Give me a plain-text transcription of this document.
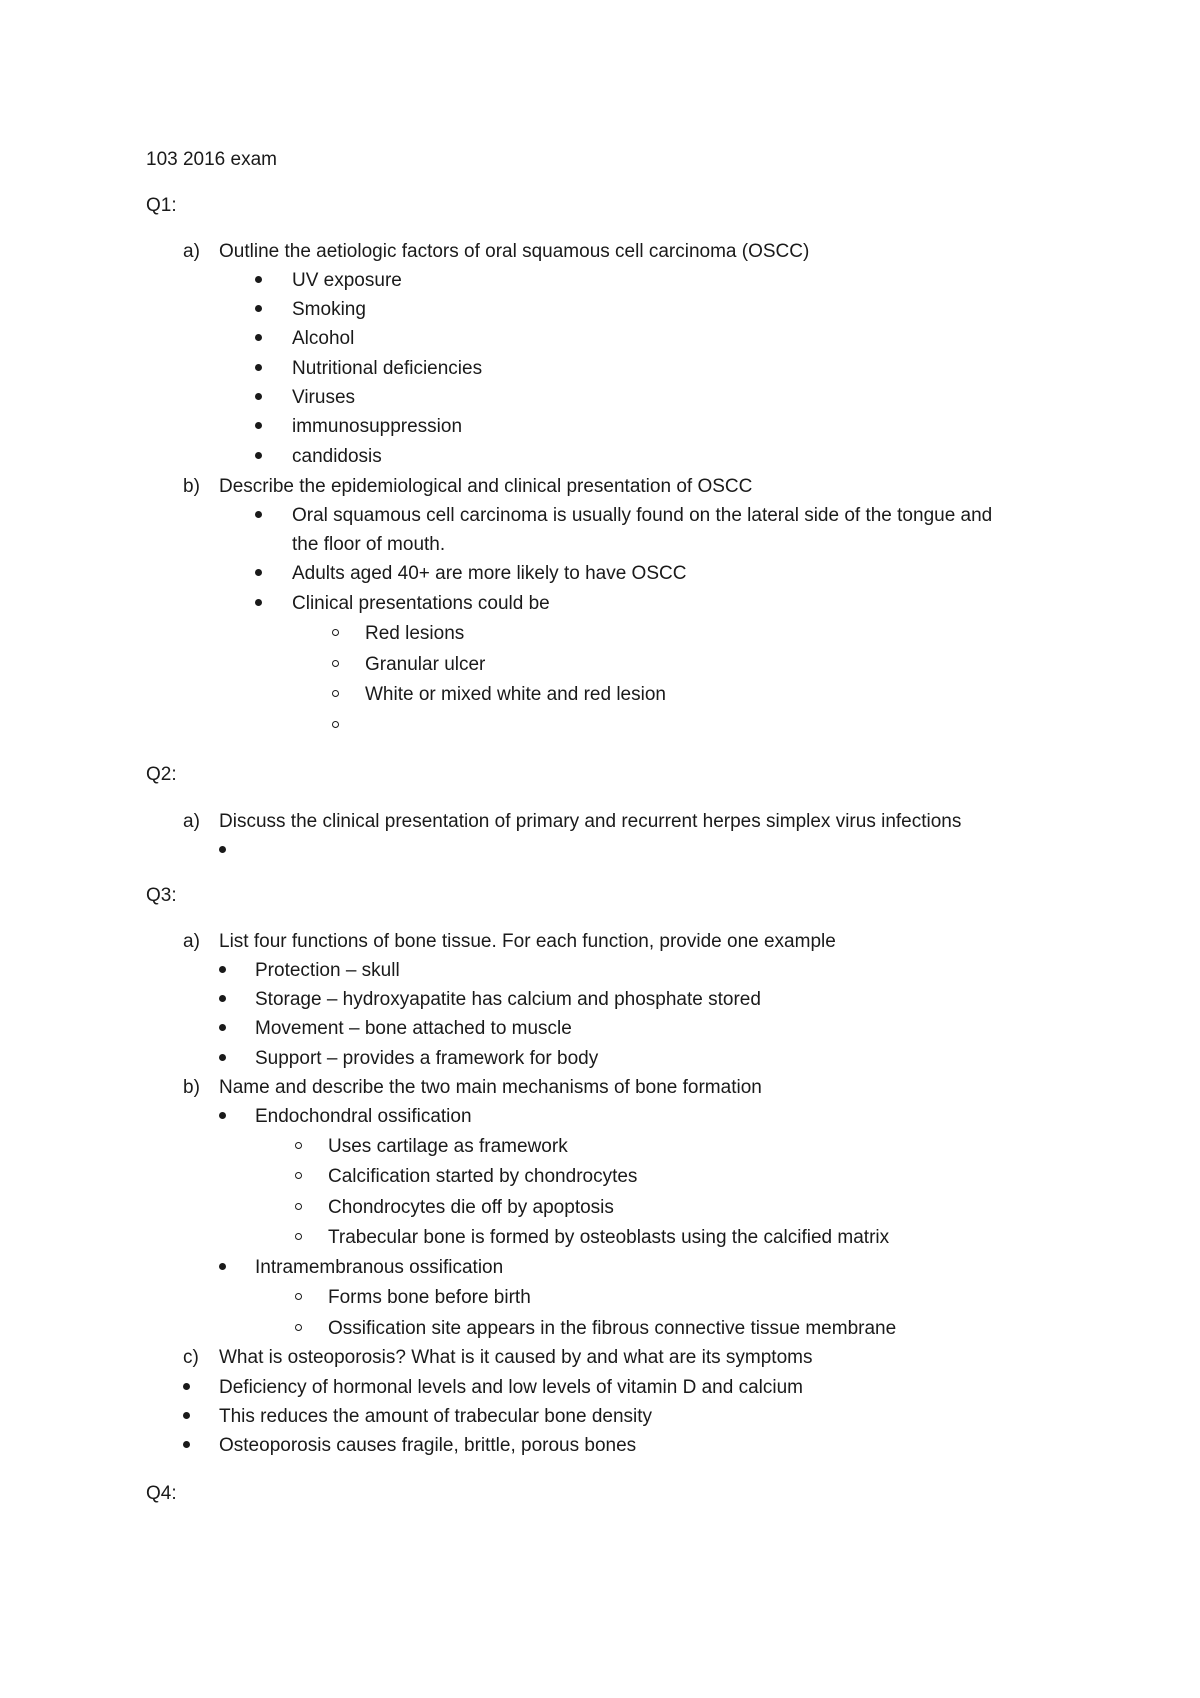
103 2016 exam
Q1:
a) Outline the aetiologic factors of oral squamous cell carcinoma (OSCC)
UV exposure
Smoking
Alcohol
Nutritional deficiencies
Viruses
immunosuppression
candidosis
b) Describe the epidemiological and clinical presentation of OSCC
Oral squamous cell carcinoma is usually found on the lateral side of the tongue and
the floor of mouth.
Adults aged 40+ are more likely to have OSCC
Clinical presentations could be
Red lesions
Granular ulcer
White or mixed white and red lesion
Q2:
a) Discuss the clinical presentation of primary and recurrent herpes simplex virus infections
Q3:
a) List four functions of bone tissue. For each function, provide one example
Protection – skull
Storage – hydroxyapatite has calcium and phosphate stored
Movement – bone attached to muscle
Support – provides a framework for body
b) Name and describe the two main mechanisms of bone formation
Endochondral ossification
Uses cartilage as framework
Calcification started by chondrocytes
Chondrocytes die off by apoptosis
Trabecular bone is formed by osteoblasts using the calcified matrix
Intramembranous ossification
Forms bone before birth
Ossification site appears in the fibrous connective tissue membrane
c) What is osteoporosis? What is it caused by and what are its symptoms
Deficiency of hormonal levels and low levels of vitamin D and calcium
This reduces the amount of trabecular bone density
Osteoporosis causes fragile, brittle, porous bones
Q4:
